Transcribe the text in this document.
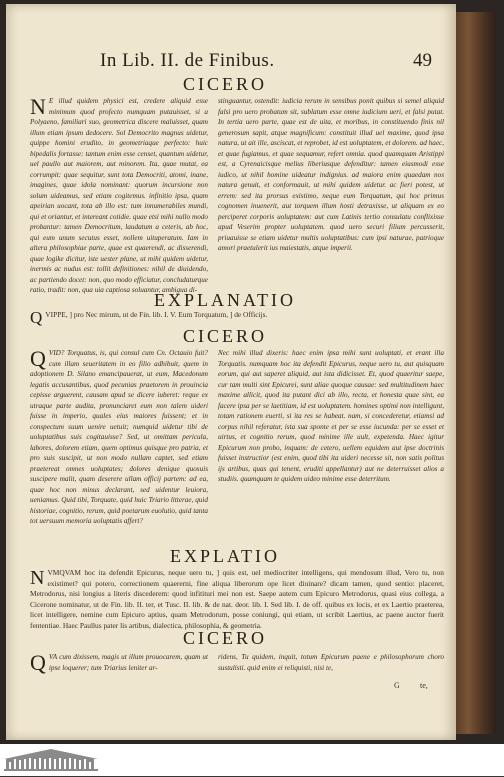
In Lib. II. de Finibus.	49
CICERO

N E illud quidem physici est, credere aliquid esse minimum quod profecto numquam putauisset, si a Polyaeno, familiari suo, geometrica discere maluisset, quam illum etiam ipsum dedocere. Sol Democrito magnus uidetur, quippe homini erudito, in geometriaque perfecto: huic bipedalis fortasse: tantum enim esse censet, quantum uidetur, uel paullo aut maiorem, aut minorem. Ita, quae mutat, ea corrumpit: quae sequitur, sunt tota Democriti, atomi, inane, imagines, quae idola nominant: quorum incursione non solum uideamus, sed etiam cogitemus. infinitio ipsa, quam apeirian uocant, tota ab illo est: tum innumerabiles mundi, qui et oriantur, et intereant cotidie. quae etsi mihi nullo modo probantur: tamen Democritum, laudatum a ceteris, ab hoc, qui eum unum secutus esset, nollem uituperatum. Iam in altera philosophiae parte, quae est quaerendi, ac disserendi, quae logike dicitur, iste uester plane, ut mihi quidem uidetur, inermis ac nudus est: tollit definitiones: nihil de diuidendo, ac partiendo docet: non, quo modo efficiatur, concludaturque ratio, tradit: non, qua uia captiosa soluantur, ambigua di-

stinguantur, ostendit: iudicia rerum in sensibus ponit quibus si semel aliquid falsi pro uero probatum sit, sublatum esse omne iudicium ueri, et falsi putat. In tertia uero parte, quae est de uita, et moribus, in constituendo finis nil generosum sapit, atque magnificum: constituit illud uel maxime, quod ipsa natura, ut ait ille, asciscat, et reprobet, id est uoluptatem, et dolorem. ad haec, et quae fugiamus, et quae sequamur, refert omnia. quod quamquam Aristippi est, a Cyrenaicisque melius liberiusque defenditur: tamen eiusmodi esse iudico, ut nihil homine uideatur indignius. ad maiora enim quaedam nos natura genuit, et conformauit, ut mihi quidem uidetur. ac fieri potest, ut errem: sed ita prorsus existimo, neque eum Torquatum, qui hoc primus cognomen inuenerit, aut torquem illum hosti detraxisse, ut aliquam ex eo perciperet corporis uoluptatem: aut cum Latinis tertio consulatu conflixisse apud Veserim propter uoluptatem. quod uero securi filium percusserit, priuauisse se etiam uidetur multis uoluptatibus: cum ipsi naturae, patrioque amori praetulerit ius maiestatis, atque imperii.

EXPLANATIO
QVIPPE, ] pro Nec mirum, ut de Fin. lib. I. V. Eum Torquatum, ] de Officijs.
CICERO

QVID? Torquatus, is, qui consul cum Cn. Octauio fuit? cum illam seueritatem in eo filio adhibuit, quem in adoptionem D. Silano emancipauerat, ut eum, Macedonum legatis accusantibus, quod pecunias praetorem in prouincia cepisse arguerent, causam apud se dicere iuberet: reque ex utraque parte audita, pronunciaret eum non talem uideri fuisse in imperio, quales eius maiores fuissent; et in conspectum suum uenire uetuit; numquid uidetur tibi de uoluptatibus suis cogitauisse? Sed, ut omittam pericula, labores, dolorem etiam, quem optimus quisque pro patria, et pro suis suscipit, ut non modo nullam captet, sed etiam praetereat omnes uoluptates; dolores denique quosuis suscipere malit, quam deserere ullam officij partem: ad ea, quae hoc non minus declarant, sed uidentur leuiora, ueniamus. Quid tibi, Torquate, quid huic Triario litterae, quid historiae, cognitio, rerum, quid poetarum euolutio, quid tanta tot uersuum memoria uoluptatis affert?

Nec mihi illud dixeris: haec enim ipsa mihi sunt uoluptati, et erant illa Torquatis. numquam hoc ita defendit Epicurus, neque uero tu, aut quisquam eorum, qui aut saperet aliquid, aut ista didicisset. Et, quod quaeritur saepe, cur tam multi sint Epicurei, sunt aliae quoque causae: sed multitudinem haec maxime allicit, quod ita putant dici ab illo, recta, et honesta quae sint, ea facere ipsa per se laetitiam, id est uoluptatem. homines optimi non intelligunt, totam rationem euerti, si ita res se habeat. nam, si concederetur, etiamsi ad corpus nihil referatur, ista sua sponte et per se esse iucunda: per se esset et uirtus, et cognitio rerum, quod minime ille uult, expetenda. Haec igitur Epicurum non probo, inquam: de cetero, uellem equidem aut ipse doctrinis fuisset instructior (est enim, quod tibi ita uideri necesse sit, non satis politus ijs artibus, quas qui tenent, eruditi appellantur) aut ne deterruisset alios a studiis. quamquam te quidem uideo minime esse deterritum.

EXPLATIO
NVMQVAM hoc ita defendit Epicurus, neque uero tu, ] quis est, uel mediocriter intelligens, qui mendosum illud, Vero tu, non existimet? qui potero, correctionem quaererni, fine aliqua liberorum ope licet diuinare? dicam tamen, quod sentio: placeret, Metrodorus, nisi longius a literis discederem: quod infitituri mei non est. Saepe autem cum Epicuro Metrodorus, quasi eius collega, a Cicerone nominatur, ut de Fin. lib. II. ter, et Tusc. II. lib. & de nat. deor. lib. I. Sed lib. I. de off. quibus ex locis, et ex Laertio praeterea, licet intelligere, nemine cum Epicuro aptius, quam Metrodorum, posse coniungi, qui etiam, ut scribit Laertius, ac paene auctor fuerit fententiae. Haec Paullus pater lis artibus, dialectica, philosophia, & geometria.
CICERO

QVA cum dixissem, magis ut illum prouocarem, quam ut ipse loquerer; tum Triarius leniter ar-

ridens, Tu quidem, inquit, totum Epicurum paene e philosophorum choro sustulisti. quid enim ei reliquisti, nisi te,

G	te,
